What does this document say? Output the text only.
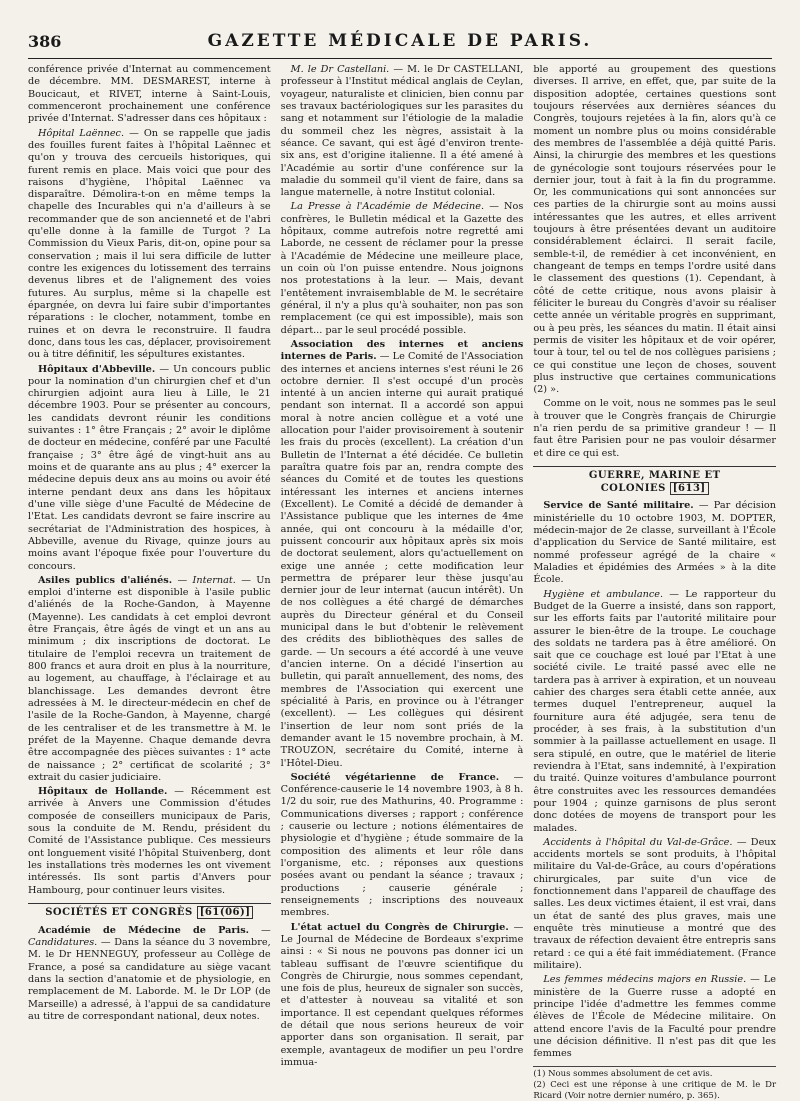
386	GAZETTE MÉDICALE DE PARIS.

conférence privée d'Internat au commencement de décembre. MM. DESMAREST, interne à Boucicaut, et RIVET, interne à Saint-Louis, commenceront prochainement une conférence privée d'Internat. S'adresser dans ces hôpitaux :

Hôpital Laënnec. — On se rappelle que jadis des fouilles furent faites à l'hôpital Laënnec et qu'on y trouva des cercueils historiques, qui furent remis en place. Mais voici que pour des raisons d'hygiène, l'hôpital Laënnec va disparaître. Démolira-t-on en même temps la chapelle des Incurables qui n'a d'ailleurs à se recommander que de son ancienneté et de l'abri qu'elle donne à la famille de Turgot ? La Commission du Vieux Paris, dit-on, opine pour sa conservation ; mais il lui sera difficile de lutter contre les exigences du lotissement des terrains devenus libres et de l'alignement des voies futures. Au surplus, même si la chapelle est épargnée, on devra lui faire subir d'importantes réparations : le clocher, notamment, tombe en ruines et on devra le reconstruire. Il faudra donc, dans tous les cas, déplacer, provisoirement ou à titre définitif, les sépultures existantes.

Hôpitaux d'Abbeville. — Un concours public pour la nomination d'un chirurgien chef et d'un chirurgien adjoint aura lieu à Lille, le 21 décembre 1903. Pour se présenter au concours, les candidats devront réunir les conditions suivantes : 1° être Français ; 2° avoir le diplôme de docteur en médecine, conféré par une Faculté française ; 3° être âgé de vingt-huit ans au moins et de quarante ans au plus ; 4° exercer la médecine depuis deux ans au moins ou avoir été interne pendant deux ans dans les hôpitaux d'une ville siège d'une Faculté de Médecine de l'Etat. Les candidats devront se faire inscrire au secrétariat de l'Administration des hospices, à Abbeville, avenue du Rivage, quinze jours au moins avant l'époque fixée pour l'ouverture du concours.

Asiles publics d'aliénés. — Internat. — Un emploi d'interne est disponible à l'asile public d'aliénés de la Roche-Gandon, à Mayenne (Mayenne). Les candidats à cet emploi devront être Français, être âgés de vingt et un ans au minimum ; dix inscriptions de doctorat. Le titulaire de l'emploi recevra un traitement de 800 francs et aura droit en plus à la nourriture, au logement, au chauffage, à l'éclairage et au blanchissage. Les demandes devront être adressées à M. le directeur-médecin en chef de l'asile de la Roche-Gandon, à Mayenne, chargé de les centraliser et de les transmettre à M. le préfet de la Mayenne. Chaque demande devra être accompagnée des pièces suivantes : 1° acte de naissance ; 2° certificat de scolarité ; 3° extrait du casier judiciaire.

Hôpitaux de Hollande. — Récemment est arrivée à Anvers une Commission d'études composée de conseillers municipaux de Paris, sous la conduite de M. Rendu, président du Comité de l'Assistance publique. Ces messieurs ont longuement visité l'hôpital Stuivenberg, dont les installations très modernes les ont vivement intéressés. Ils sont partis d'Anvers pour Hambourg, pour continuer leurs visites.

SOCIÉTÉS ET CONGRÈS [61(06)]

Académie de Médecine de Paris. — Candidatures. — Dans la séance du 3 novembre, M. le Dr HENNEGUY, professeur au Collège de France, a posé sa candidature au siège vacant dans la section d'anatomie et de physiologie, en remplacement de M. Laborde. M. le Dr LOP (de Marseille) a adressé, à l'appui de sa candidature au titre de correspondant national, deux notes.

M. le Dr Castellani. — M. le Dr CASTELLANI, professeur à l'Institut médical anglais de Ceylan, voyageur, naturaliste et clinicien, bien connu par ses travaux bactériologiques sur les parasites du sang et notamment sur l'étiologie de la maladie du sommeil chez les nègres, assistait à la séance. Ce savant, qui est âgé d'environ trente-six ans, est d'origine italienne. Il a été amené à l'Académie au sortir d'une conférence sur la maladie du sommeil qu'il vient de faire, dans sa langue maternelle, à notre Institut colonial.

La Presse à l'Académie de Médecine. — Nos confrères, le Bulletin médical et la Gazette des hôpitaux, comme autrefois notre regretté ami Laborde, ne cessent de réclamer pour la presse à l'Académie de Médecine une meilleure place, un coin où l'on puisse entendre. Nous joignons nos protestations à la leur. — Mais, devant l'entêtement invraisemblable de M. le secrétaire général, il n'y a plus qu'à souhaiter, non pas son remplacement (ce qui est impossible), mais son départ... par le seul procédé possible.

Association des internes et anciens internes de Paris. — Le Comité de l'Association des internes et anciens internes s'est réuni le 26 octobre dernier. Il s'est occupé d'un procès intenté à un ancien interne qui aurait pratiqué pendant son internat. Il a accordé son appui moral à notre ancien collègue et a voté une allocation pour l'aider provisoirement à soutenir les frais du procès (excellent). La création d'un Bulletin de l'Internat a été décidée. Ce bulletin paraîtra quatre fois par an, rendra compte des séances du Comité et de toutes les questions intéressant les internes et anciens internes (Excellent). Le Comité a décidé de demander à l'Assistance publique que les internes de 4me année, qui ont concouru à la médaille d'or, puissent concourir aux hôpitaux après six mois de doctorat seulement, alors qu'actuellement on exige une année ; cette modification leur permettra de préparer leur thèse jusqu'au dernier jour de leur internat (aucun intérêt). Un de nos collègues a été chargé de démarches auprès du Directeur général et du Conseil municipal dans le but d'obtenir le relèvement des crédits des bibliothèques des salles de garde. — Un secours a été accordé à une veuve d'ancien interne. On a décidé l'insertion au bulletin, qui paraît annuellement, des noms, des membres de l'Association qui exercent une spécialité à Paris, en province ou à l'étranger (excellent). — Les collègues qui désirent l'insertion de leur nom sont priés de la demander avant le 15 novembre prochain, à M. TROUZON, secrétaire du Comité, interne à l'Hôtel-Dieu.

Société végétarienne de France. — Conférence-causerie le 14 novembre 1903, à 8 h. 1/2 du soir, rue des Mathurins, 40. Programme : Communications diverses ; rapport ; conférence ; causerie ou lecture ; notions élémentaires de physiologie et d'hygiène ; étude sommaire de la composition des aliments et leur rôle dans l'organisme, etc. ; réponses aux questions posées avant ou pendant la séance ; travaux ; productions ; causerie générale ; renseignements ; inscriptions des nouveaux membres.

L'état actuel du Congrès de Chirurgie. — Le Journal de Médecine de Bordeaux s'exprime ainsi : « Si nous ne pouvons pas donner ici un tableau suffisant de l'œuvre scientifique du Congrès de Chirurgie, nous sommes cependant, une fois de plus, heureux de signaler son succès, et d'attester à nouveau sa vitalité et son importance. Il est cependant quelques réformes de détail que nous serions heureux de voir apporter dans son organisation. Il serait, par exemple, avantageux de modifier un peu l'ordre immua-

ble apporté au groupement des questions diverses. Il arrive, en effet, que, par suite de la disposition adoptée, certaines questions sont toujours réservées aux dernières séances du Congrès, toujours rejetées à la fin, alors qu'à ce moment un nombre plus ou moins considérable des membres de l'assemblée a déjà quitté Paris. Ainsi, la chirurgie des membres et les questions de gynécologie sont toujours réservées pour le dernier jour, tout à fait à la fin du programme. Or, les communications qui sont annoncées sur ces parties de la chirurgie sont au moins aussi intéressantes que les autres, et elles arrivent toujours à être présentées devant un auditoire considérablement éclairci. Il serait facile, semble-t-il, de remédier à cet inconvénient, en changeant de temps en temps l'ordre usité dans le classement des questions (1). Cependant, à côté de cette critique, nous avons plaisir à féliciter le bureau du Congrès d'avoir su réaliser cette année un véritable progrès en supprimant, ou à peu près, les séances du matin. Il était ainsi permis de visiter les hôpitaux et de voir opérer, tour à tour, tel ou tel de nos collègues parisiens ; ce qui constitue une leçon de choses, souvent plus instructive que certaines communications (2) ».

Comme on le voit, nous ne sommes pas le seul à trouver que le Congrès français de Chirurgie n'a rien perdu de sa primitive grandeur ! — Il faut être Parisien pour ne pas vouloir désarmer et dire ce qui est.

GUERRE, MARINE ET COLONIES [613]

Service de Santé militaire. — Par décision ministérielle du 10 octobre 1903, M. DOPTER, médecin-major de 2e classe, surveillant à l'École d'application du Service de Santé militaire, est nommé professeur agrégé de la chaire « Maladies et épidémies des Armées » à la dite École.

Hygiène et ambulance. — Le rapporteur du Budget de la Guerre a insisté, dans son rapport, sur les efforts faits par l'autorité militaire pour assurer le bien-être de la troupe. Le couchage des soldats ne tardera pas à être amélioré. On sait que ce couchage est loué par l'Etat à une société civile. Le traité passé avec elle ne tardera pas à arriver à expiration, et un nouveau cahier des charges sera établi cette année, aux termes duquel l'entrepreneur, auquel la fourniture aura été adjugée, sera tenu de procéder, à ses frais, à la substitution d'un sommier à la paillasse actuellement en usage. Il sera stipulé, en outre, que le matériel de literie reviendra à l'Etat, sans indemnité, à l'expiration du traité. Quinze voitures d'ambulance pourront être construites avec les ressources demandées pour 1904 ; quinze garnisons de plus seront donc dotées de moyens de transport pour les malades.

Accidents à l'hôpital du Val-de-Grâce. — Deux accidents mortels se sont produits, à l'hôpital militaire du Val-de-Grâce, au cours d'opérations chirurgicales, par suite d'un vice de fonctionnement dans l'appareil de chauffage des salles. Les deux victimes étaient, il est vrai, dans un état de santé des plus graves, mais une enquête très minutieuse a montré que des travaux de réfection devaient être entrepris sans retard : ce qui a été fait immédiatement. (France militaire).

Les femmes médecins majors en Russie. — Le ministère de la Guerre russe a adopté en principe l'idée d'admettre les femmes comme élèves de l'École de Médecine militaire. On attend encore l'avis de la Faculté pour prendre une décision définitive. Il n'est pas dit que les femmes

(1) Nous sommes absolument de cet avis.
(2) Ceci est une réponse à une critique de M. le Dr Ricard (Voir notre dernier numéro, p. 365).
